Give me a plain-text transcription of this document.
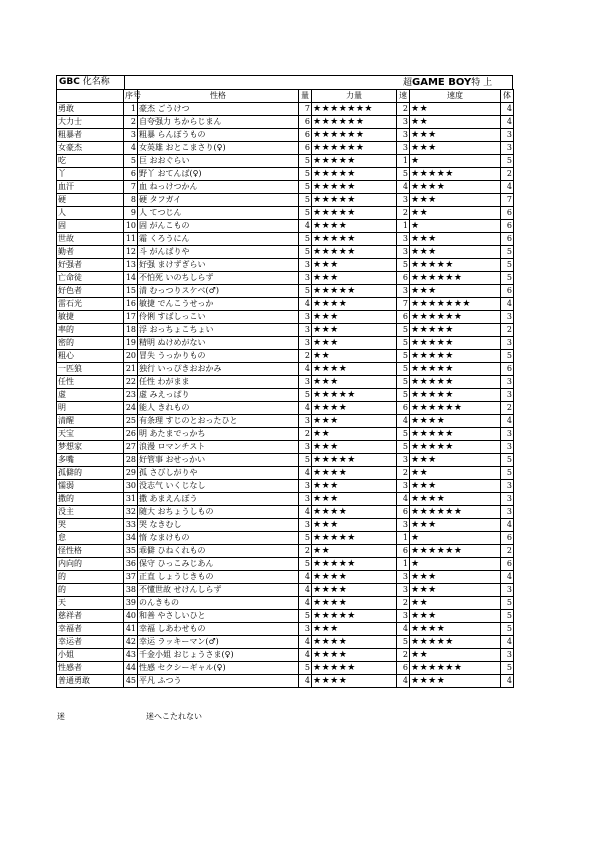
GBC 化名称	超GAME BOY特 上
	序号	性格	量	力量	速	速度	体
勇敢	1	豪杰 ごうけつ	7	★★★★★★★	2	★★	4
大力士	2	自夸强力 ちからじまん	6	★★★★★★	3	★★	4
粗暴者	3	粗暴 らんぼうもの	6	★★★★★★	3	★★★	3
女豪杰	4	女英雄 おとこまさり(♀)	6	★★★★★★	3	★★★	3
吃	5	巨 おおぐらい	5	★★★★★	1	★	5
丫	6	野丫 おてんば(♀)	5	★★★★★	5	★★★★★	2
血汗	7	血 ねっけつかん	5	★★★★★	4	★★★★	4
硬	8	硬 タフガイ	5	★★★★★	3	★★★	7
人	9	人 てつじん	5	★★★★★	2	★★	6
固	10	固 がんこもの	4	★★★★	1	★	6
世故	11	霜 くろうにん	5	★★★★★	3	★★★	6
勤者	12	斗 がんばりや	5	★★★★★	3	★★★	5
好强者	13	好强 まけずぎらい	3	★★★	5	★★★★★	5
亡命徒	14	不怕死 いのちしらず	3	★★★	6	★★★★★★	5
好色者	15	清 むっつりスケベ(♂)	5	★★★★★	3	★★★	6
雷石光	16	敏捷 でんこうせっか	4	★★★★	7	★★★★★★★	4
敏捷	17	伶俐 すばしっこい	3	★★★	6	★★★★★★	3
率的	18	浮 おっちょこちょい	3	★★★	5	★★★★★	2
密的	19	精明 ぬけめがない	3	★★★	5	★★★★★	3
粗心	20	冒失 うっかりもの	2	★★	5	★★★★★	5
一匹狼	21	独行 いっぴきおおかみ	4	★★★★	5	★★★★★	6
任性	22	任性 わがまま	3	★★★	5	★★★★★	3
虚	23	虚 みえっぱり	5	★★★★★	5	★★★★★	3
明	24	能人 きれもの	4	★★★★	6	★★★★★★	2
清醒	25	有条理 すじのとおったひと	3	★★★	4	★★★★	4
天宝	26	明 あたまでっかち	2	★★	5	★★★★★	3
梦想家	27	浪漫 ロマンチスト	3	★★★	5	★★★★★	3
多嘴	28	好管事 おせっかい	5	★★★★★	3	★★★	5
孤僻的	29	孤 さびしがりや	4	★★★★	2	★★	5
懦弱	30	没志气 いくじなし	3	★★★	3	★★★	3
撒的	31	撒 あまえんぼう	3	★★★	4	★★★★	3
没主	32	随大 おちょうしもの	4	★★★★	6	★★★★★★	3
哭	33	哭 なきむし	3	★★★	3	★★★	4
怠	34	惰 なまけもの	5	★★★★★	1	★	6
怪性格	35	乖僻 ひねくれもの	2	★★	6	★★★★★★	2
内向的	36	保守 ひっこみじあん	5	★★★★★	1	★	6
的	37	正直 しょうじきもの	4	★★★★	3	★★★	4
的	38	不懂世故 せけんしらず	4	★★★★	3	★★★	3
天	39	のんきもの	4	★★★★	2	★★	5
慈祥者	40	和善 やさしいひと	5	★★★★★	3	★★★	5
幸福者	41	幸福 しあわせもの	3	★★★	4	★★★★	5
幸运者	42	幸运 ラッキーマン(♂)	4	★★★★	5	★★★★★	4
小姐	43	千金小姐 おじょうさま(♀)	4	★★★★	2	★★	3
性感者	44	性感 セクシーギャル(♀)	5	★★★★★	6	★★★★★★	5
普通勇敢	45	平凡 ふつう	4	★★★★	4	★★★★	4
迷	迷へこたれない
